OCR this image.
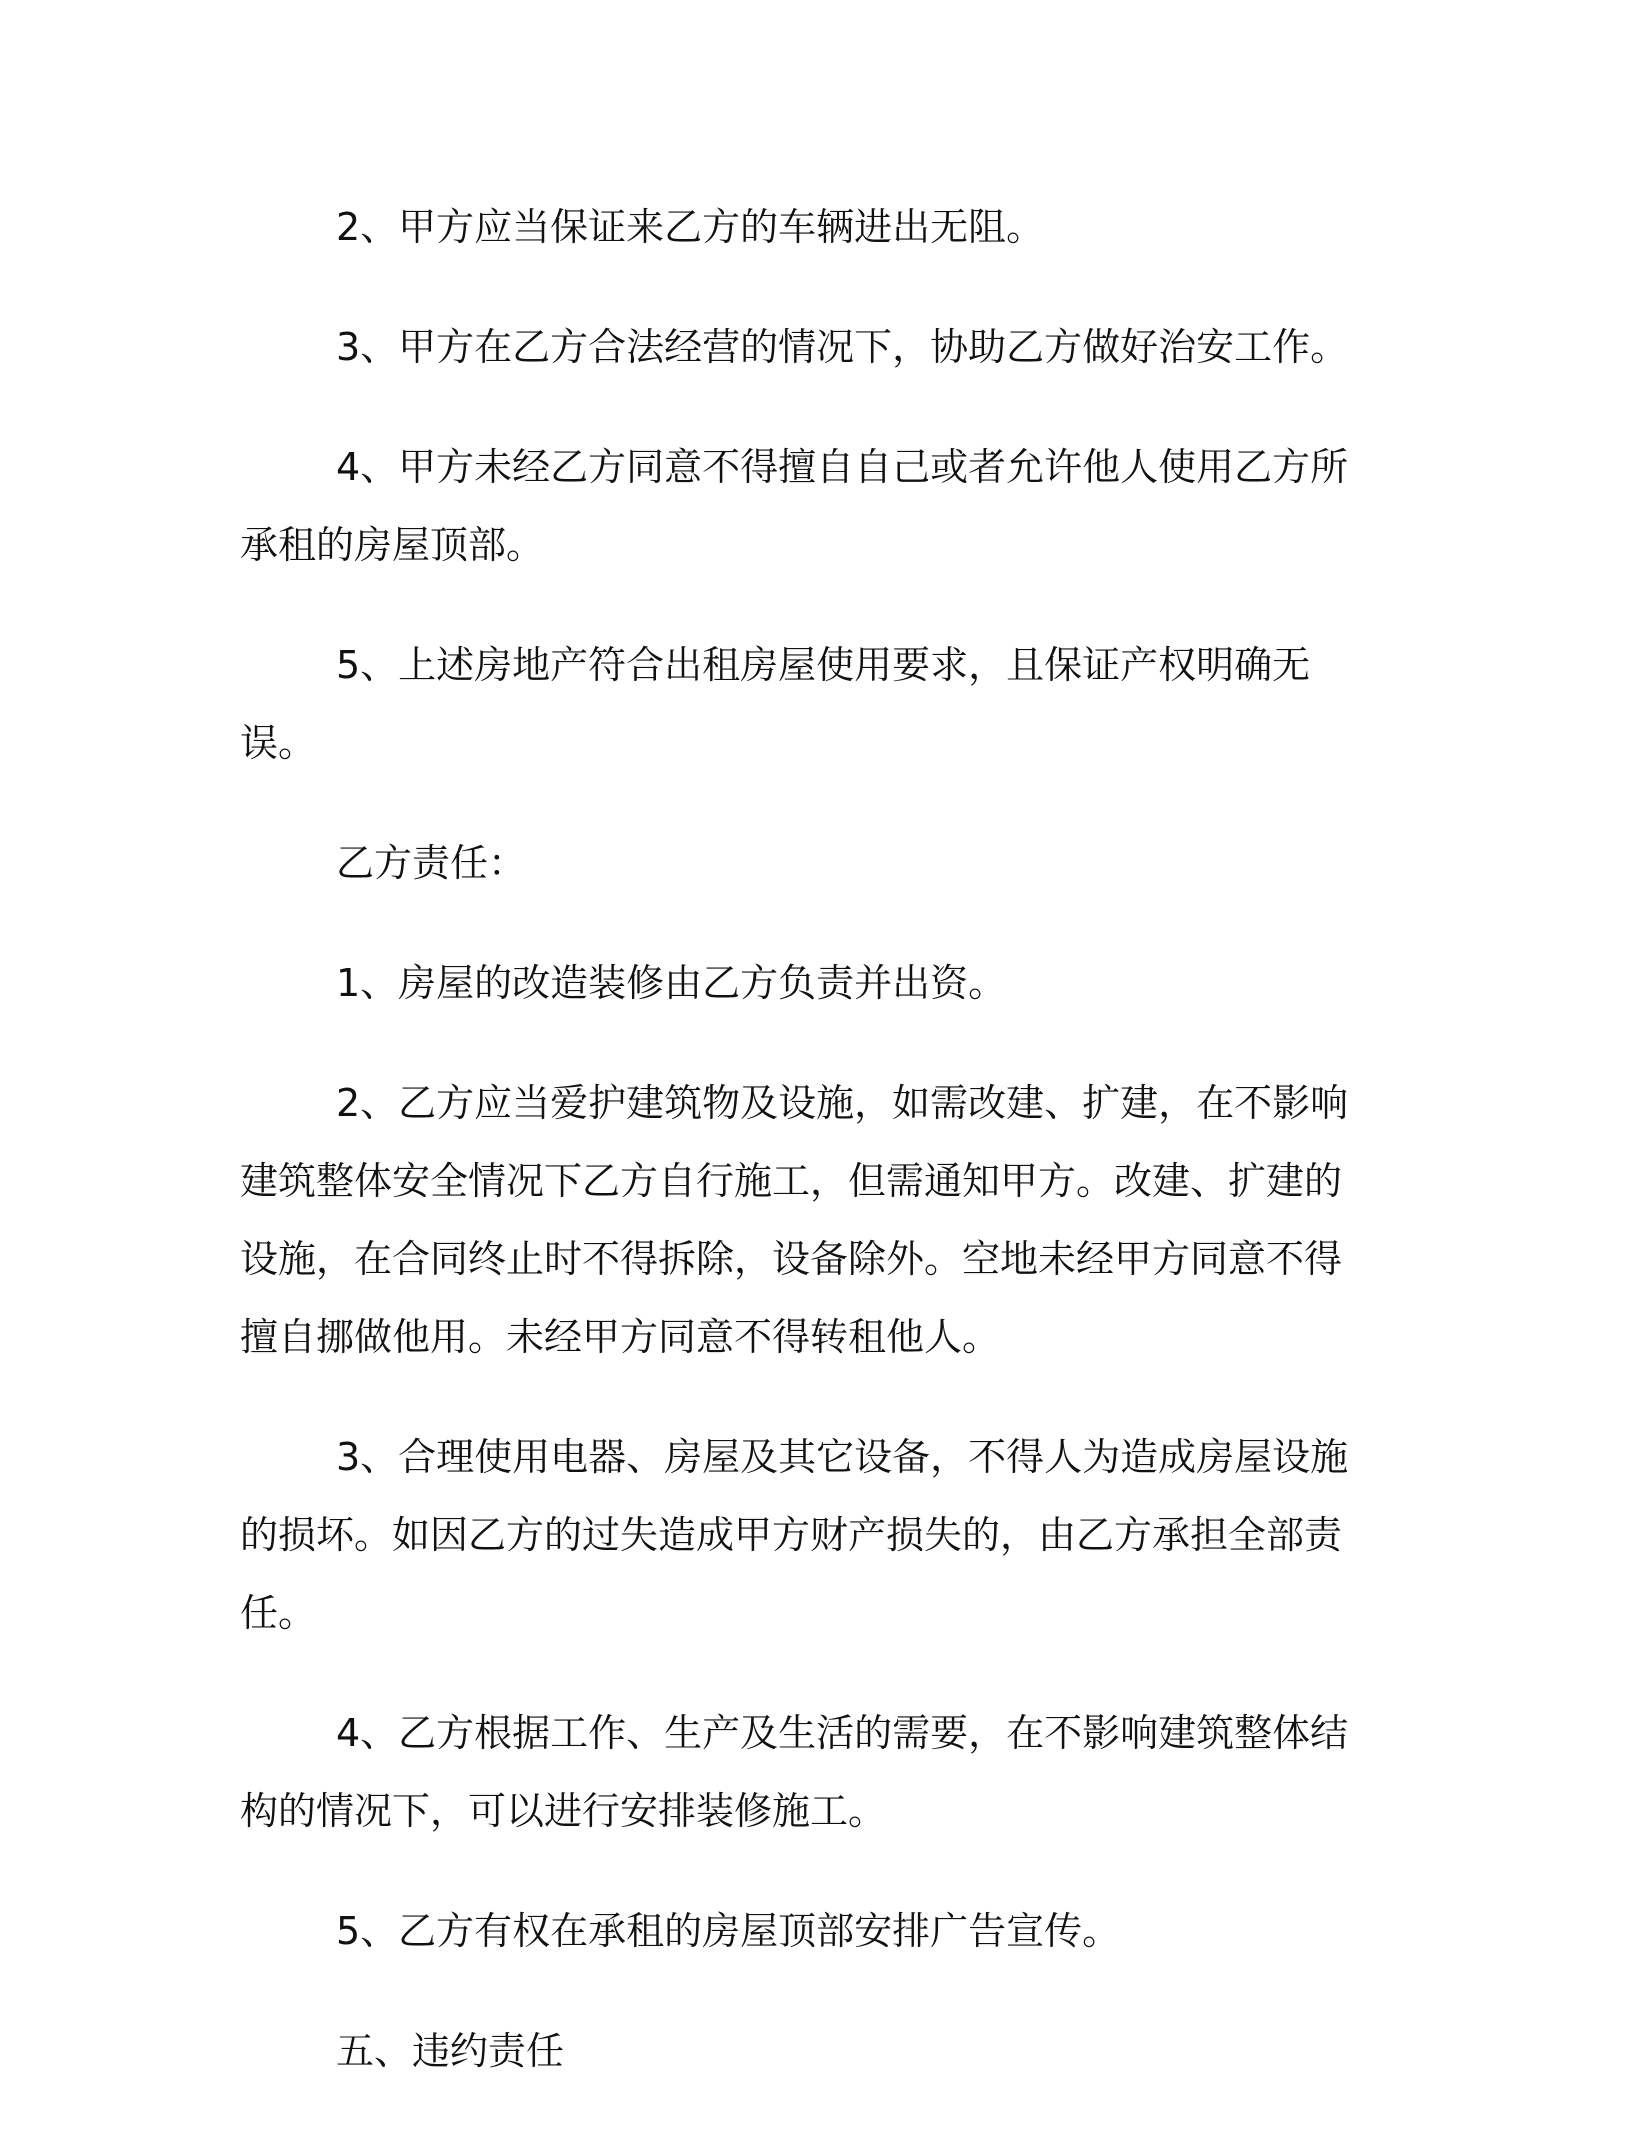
2、甲方应当保证来乙方的车辆进出无阻。

3、甲方在乙方合法经营的情况下，协助乙方做好治安工作。

4、甲方未经乙方同意不得擅自自己或者允许他人使用乙方所承租的房屋顶部。

5、上述房地产符合出租房屋使用要求，且保证产权明确无误。

乙方责任：

1、房屋的改造装修由乙方负责并出资。

2、乙方应当爱护建筑物及设施，如需改建、扩建，在不影响建筑整体安全情况下乙方自行施工，但需通知甲方。改建、扩建的设施，在合同终止时不得拆除，设备除外。空地未经甲方同意不得擅自挪做他用。未经甲方同意不得转租他人。

3、合理使用电器、房屋及其它设备，不得人为造成房屋设施的损坏。如因乙方的过失造成甲方财产损失的，由乙方承担全部责任。

4、乙方根据工作、生产及生活的需要，在不影响建筑整体结构的情况下，可以进行安排装修施工。

5、乙方有权在承租的房屋顶部安排广告宣传。

五、违约责任
